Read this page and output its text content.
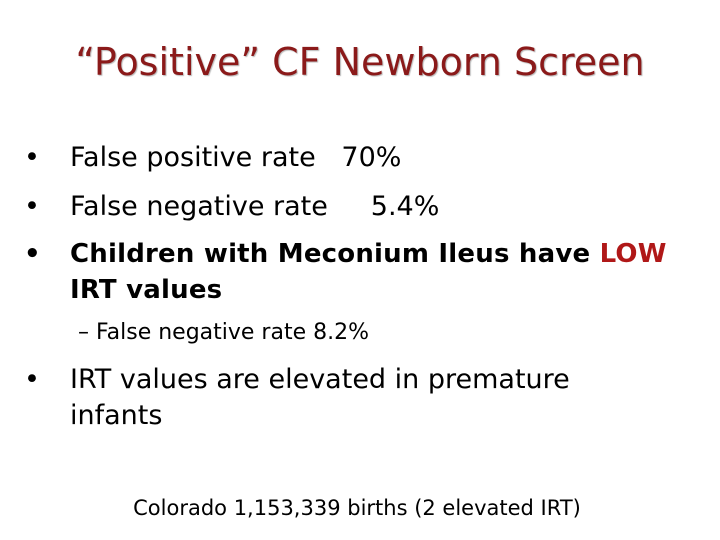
“Positive” CF Newborn Screen
• False positive rate   70%
• False negative rate     5.4%
• Children with Meconium Ileus have LOW
IRT values
– False negative rate 8.2%
• IRT values are elevated in premature
infants
Colorado 1,153,339 births (2 elevated IRT)
